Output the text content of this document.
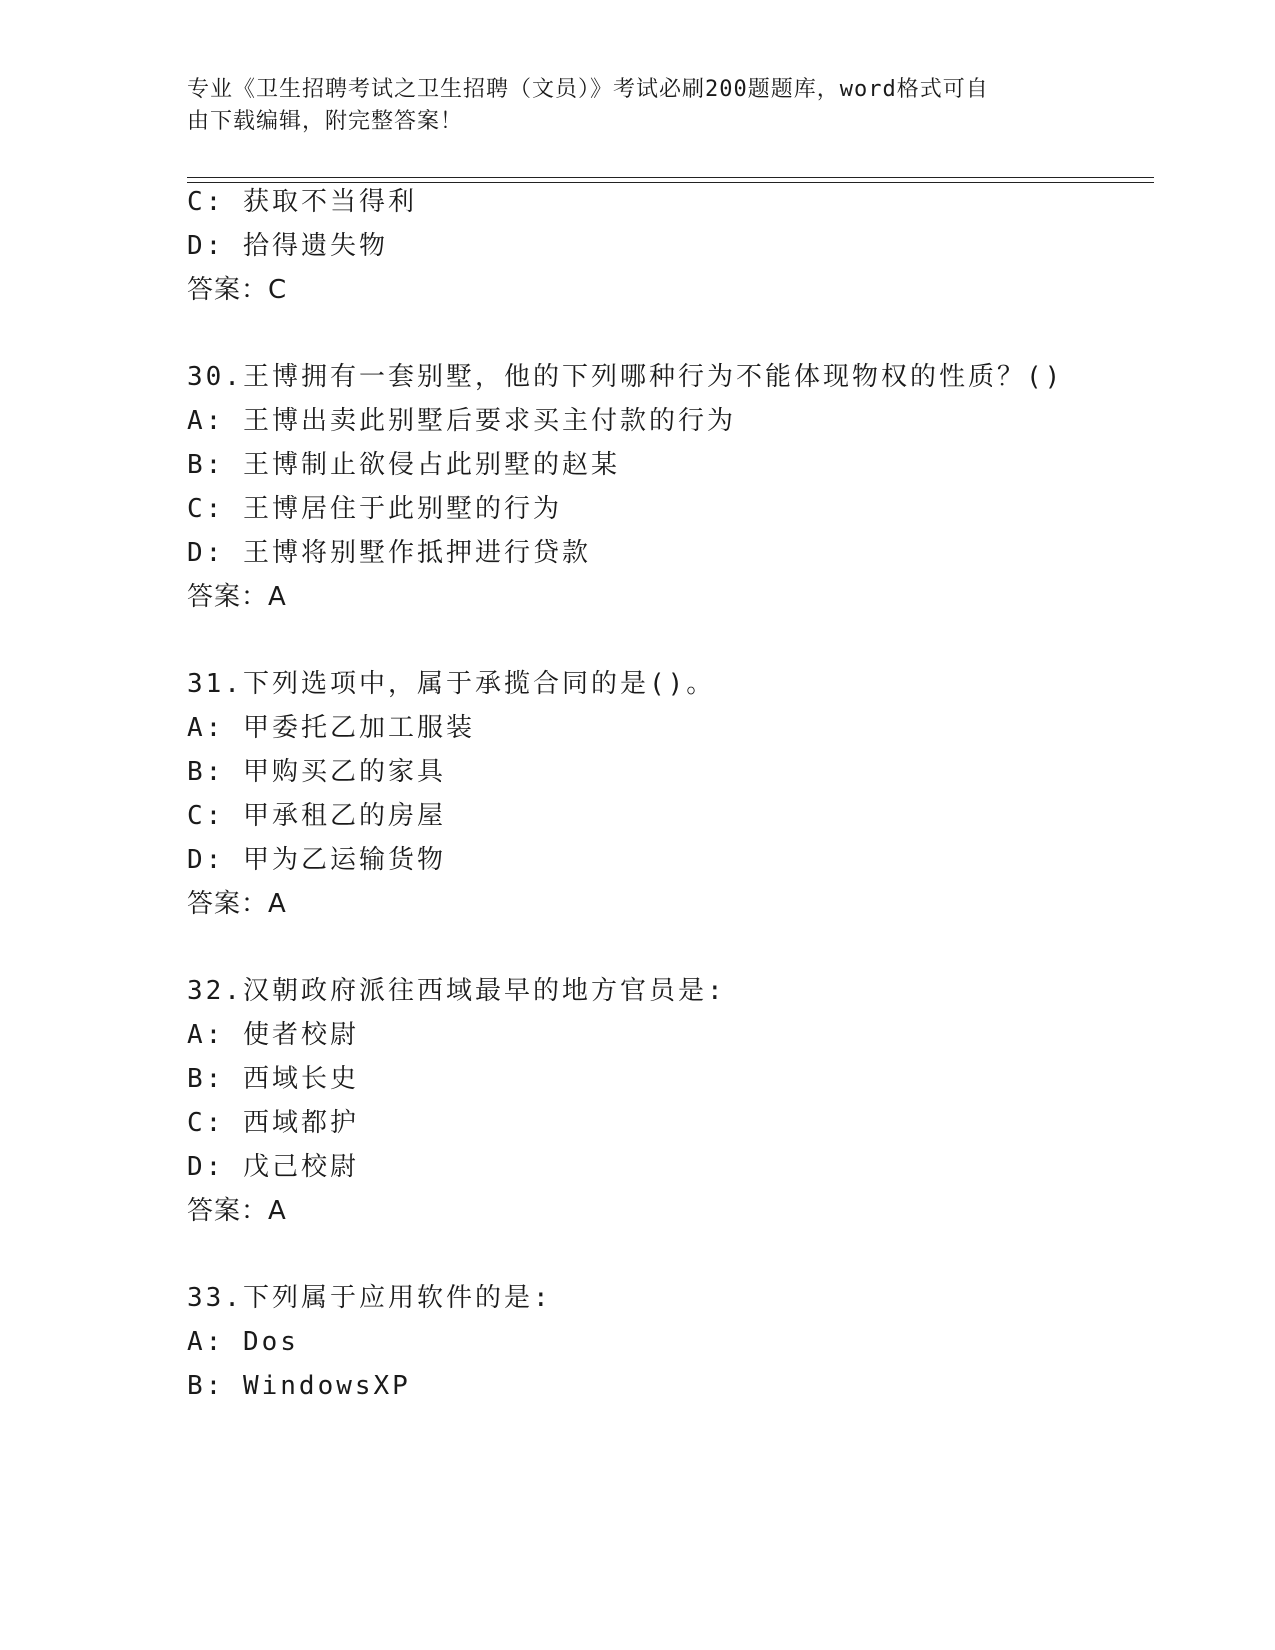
专业《卫生招聘考试之卫生招聘（文员）》考试必刷200题题库，word格式可自
由下载编辑，附完整答案！
C: 获取不当得利
D: 拾得遗失物
答案：C
30.王博拥有一套别墅，他的下列哪种行为不能体现物权的性质？()
A: 王博出卖此别墅后要求买主付款的行为
B: 王博制止欲侵占此别墅的赵某
C: 王博居住于此别墅的行为
D: 王博将别墅作抵押进行贷款
答案：A
31.下列选项中，属于承揽合同的是()。
A: 甲委托乙加工服装
B: 甲购买乙的家具
C: 甲承租乙的房屋
D: 甲为乙运输货物
答案：A
32.汉朝政府派往西域最早的地方官员是:
A: 使者校尉
B: 西域长史
C: 西域都护
D: 戊己校尉
答案：A
33.下列属于应用软件的是:
A: Dos
B: WindowsXP
